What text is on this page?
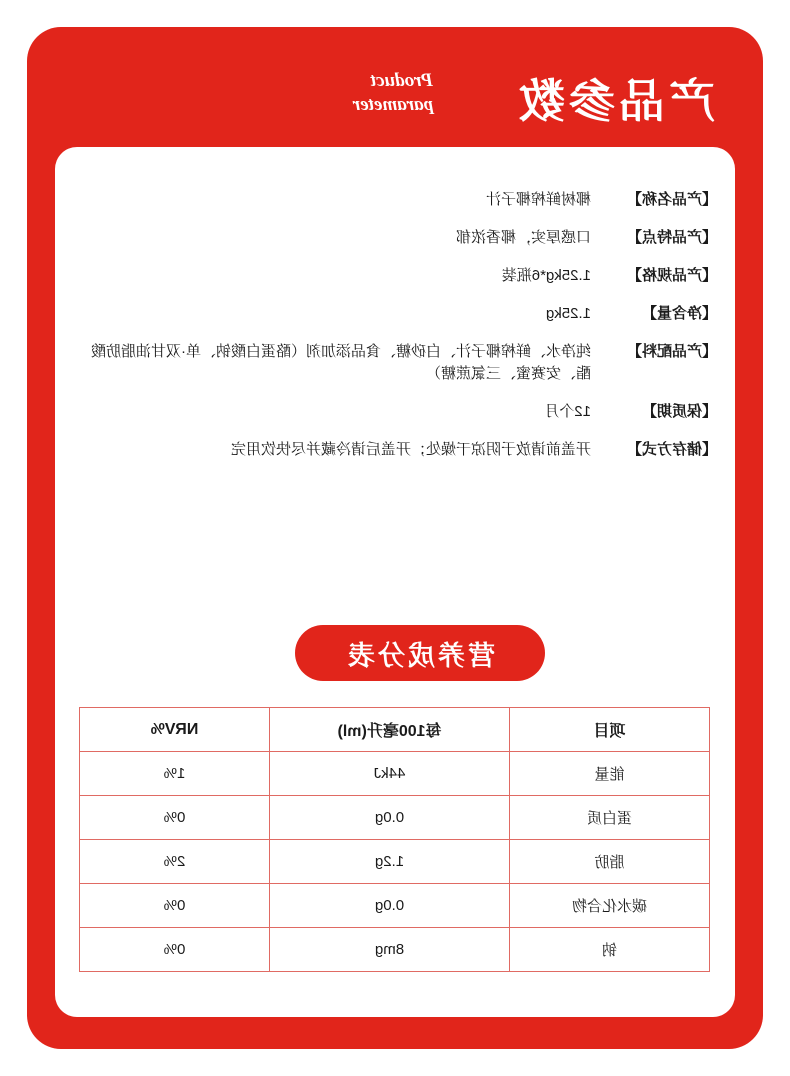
产品参数
Product
parameter
【产品名称】
椰树鲜榨椰子汁
【产品特点】
口感厚实，椰香浓郁
【产品规格】
1.25kg*6瓶装
【净含量】
1.25kg
【产品配料】
纯净水、鲜榨椰子汁、白砂糖、食品添加剂（酪蛋白酸钠、单·双甘油脂肪酸酯、安赛蜜、三氯蔗糖）
【保质期】
12个月
【储存方式】
开盖前请放于阴凉干燥处；开盖后请冷藏并尽快饮用完
营养成分表
项目	每100毫升(ml)	NRV%
能量	44kJ	1%
蛋白质	0.0g	0%
脂肪	1.2g	2%
碳水化合物	0.0g	0%
钠	8mg	0%
